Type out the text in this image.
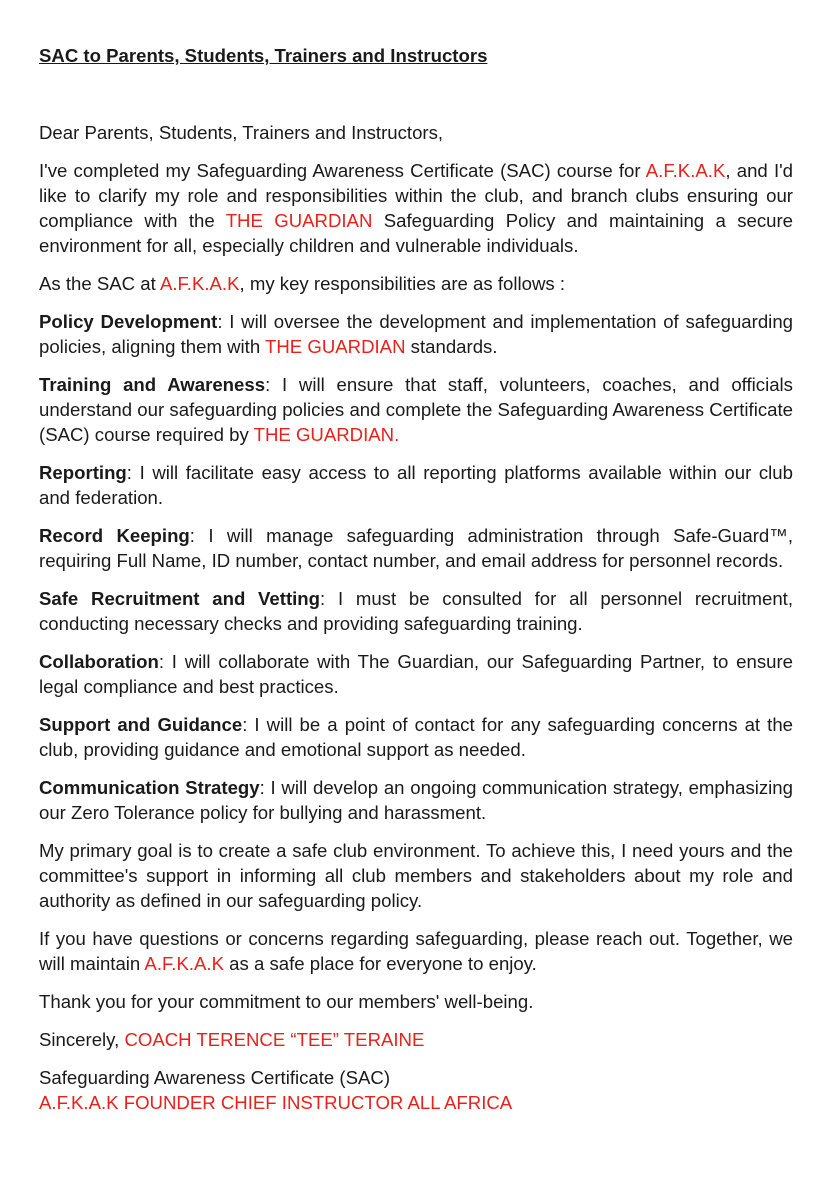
SAC to Parents, Students, Trainers and Instructors

Dear Parents, Students, Trainers and Instructors,

I've completed my Safeguarding Awareness Certificate (SAC) course for A.F.K.A.K, and I'd like to clarify my role and responsibilities within the club, and branch clubs ensuring our compliance with the THE GUARDIAN Safeguarding Policy and maintaining a secure environment for all, especially children and vulnerable individuals.

As the SAC at A.F.K.A.K, my key responsibilities are as follows :

Policy Development: I will oversee the development and implementation of safeguarding policies, aligning them with THE GUARDIAN standards.

Training and Awareness: I will ensure that staff, volunteers, coaches, and officials understand our safeguarding policies and complete the Safeguarding Awareness Certificate (SAC) course required by THE GUARDIAN.

Reporting: I will facilitate easy access to all reporting platforms available within our club and federation.

Record Keeping: I will manage safeguarding administration through Safe-Guard™, requiring Full Name, ID number, contact number, and email address for personnel records.

Safe Recruitment and Vetting: I must be consulted for all personnel recruitment, conducting necessary checks and providing safeguarding training.

Collaboration: I will collaborate with The Guardian, our Safeguarding Partner, to ensure legal compliance and best practices.

Support and Guidance: I will be a point of contact for any safeguarding concerns at the club, providing guidance and emotional support as needed.

Communication Strategy: I will develop an ongoing communication strategy, emphasizing our Zero Tolerance policy for bullying and harassment.

My primary goal is to create a safe club environment. To achieve this, I need yours and the committee's support in informing all club members and stakeholders about my role and authority as defined in our safeguarding policy.

If you have questions or concerns regarding safeguarding, please reach out. Together, we will maintain A.F.K.A.K as a safe place for everyone to enjoy.

Thank you for your commitment to our members' well-being.

Sincerely, COACH TERENCE “TEE” TERAINE

Safeguarding Awareness Certificate (SAC)
A.F.K.A.K FOUNDER CHIEF INSTRUCTOR ALL AFRICA
